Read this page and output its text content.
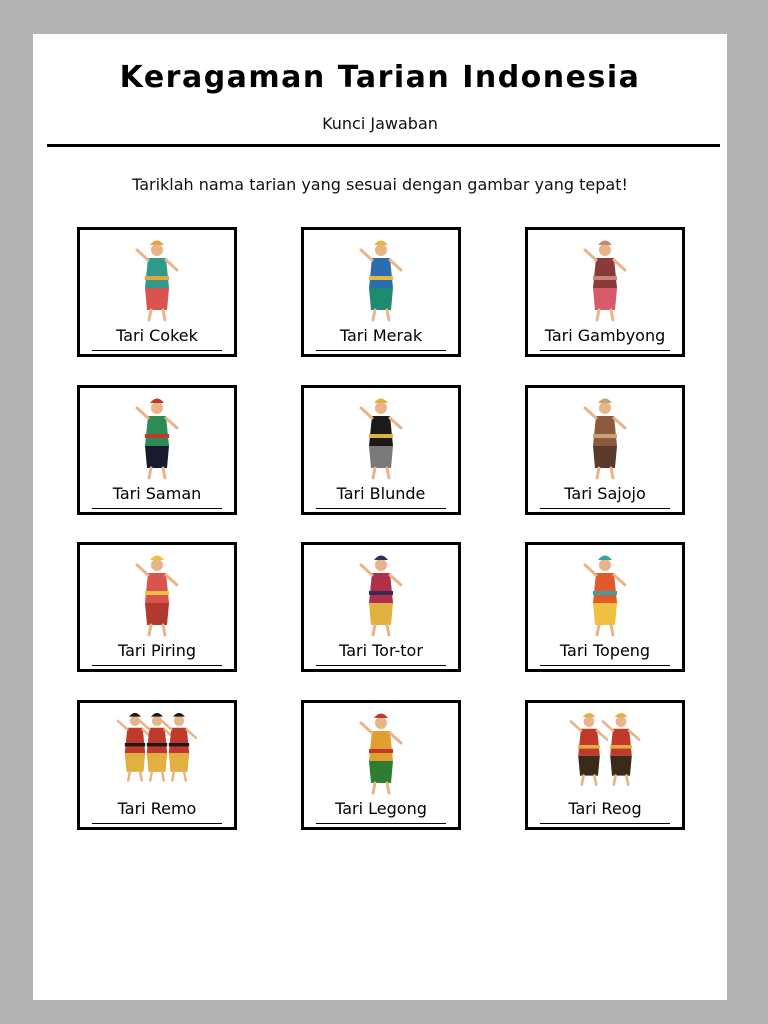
Keragaman Tarian Indonesia
Kunci Jawaban
Tariklah nama tarian yang sesuai dengan gambar yang tepat!
Tari Cokek	Tari Merak	Tari Gambyong
Tari Saman	Tari Blunde	Tari Sajojo
Tari Piring	Tari Tor-tor	Tari Topeng
Tari Remo	Tari Legong	Tari Reog
